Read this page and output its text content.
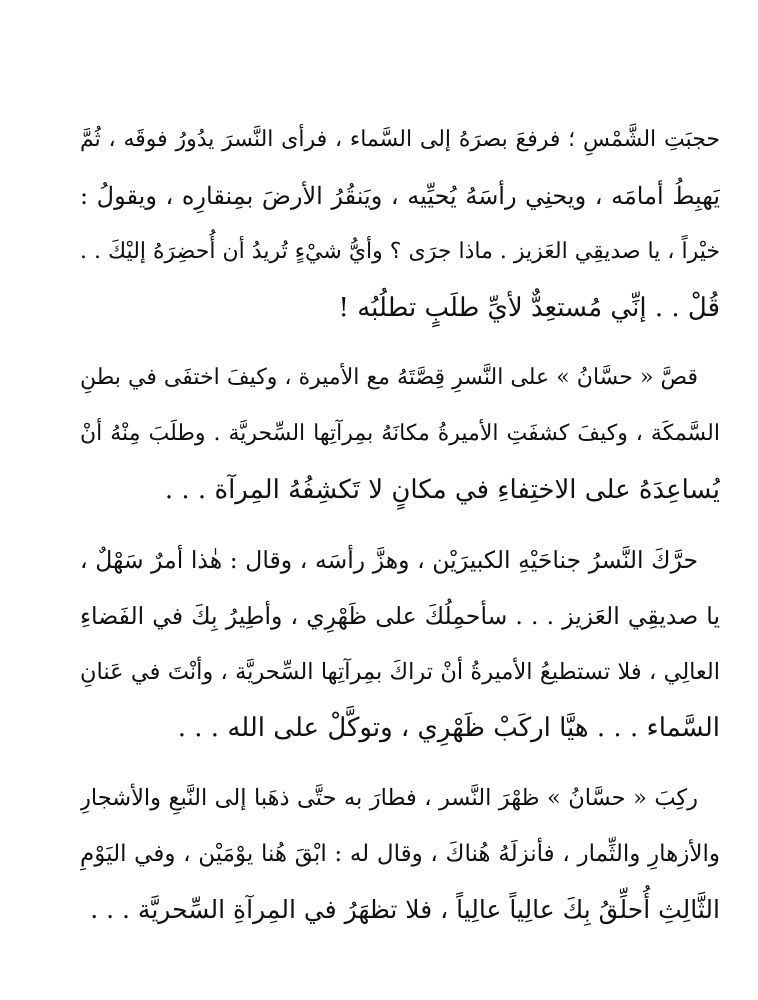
حجبَتِ الشَّمْسِ ؛ فرفعَ بصرَهُ إلى السَّماء ، فرأى النَّسرَ يدُورُ فوقَه ، ثُمَّ
يَهبِطُ أمامَه ، ويحنِي رأسَهُ يُحيِّيه ، ويَنقُرُ الأرضَ بمِنقارِه ، ويقولُ :
خيْراً ، يا صديقِي العَزيز . ماذا جرَى ؟ وأيُّ شيْءٍ تُريدُ أن أُحضِرَهُ إليْكَ . .
قُلْ . . إنِّي مُستعِدٌّ لأيِّ طلَبٍ تطلُبُه !
قصَّ « حسَّانُ » على النَّسرِ قِصَّتَهُ مع الأميرة ، وكيفَ اختفَى في بطنِ
السَّمكَة ، وكيفَ كشفَتِ الأميرةُ مكانَهُ بمِرآتِها السِّحريَّة . وطلَبَ مِنْهُ أنْ
يُساعِدَهُ على الاختِفاءِ في مكانٍ لا تَكشِفُهُ المِرآة . . .
حرَّكَ النَّسرُ جناحَيْهِ الكبيرَيْن ، وهزَّ رأسَه ، وقال : هٰذا أمرٌ سَهْلٌ ،
يا صديقِي العَزيز . . . سأحمِلُكَ على ظَهْرِي ، وأطِيرُ بِكَ في الفَضاءِ
العالِي ، فلا تستطيعُ الأميرةُ أنْ تراكَ بمِرآتِها السِّحريَّة ، وأنْتَ في عَنانِ
السَّماء . . . هيَّا اركَبْ ظَهْرِي ، وتوكَّلْ على الله . . .
ركِبَ « حسَّانُ » ظهْرَ النَّسر ، فطارَ به حتَّى ذهَبا إلى النَّبعِ والأشجارِ
والأزهارِ والثِّمار ، فأنزلَهُ هُناكَ ، وقال له : ابْقَ هُنا يوْمَيْن ، وفي اليَوْمِ
الثَّالِثِ أُحلِّقُ بِكَ عالِياً عالِياً ، فلا تظهَرُ في المِرآةِ السِّحريَّة . . .
